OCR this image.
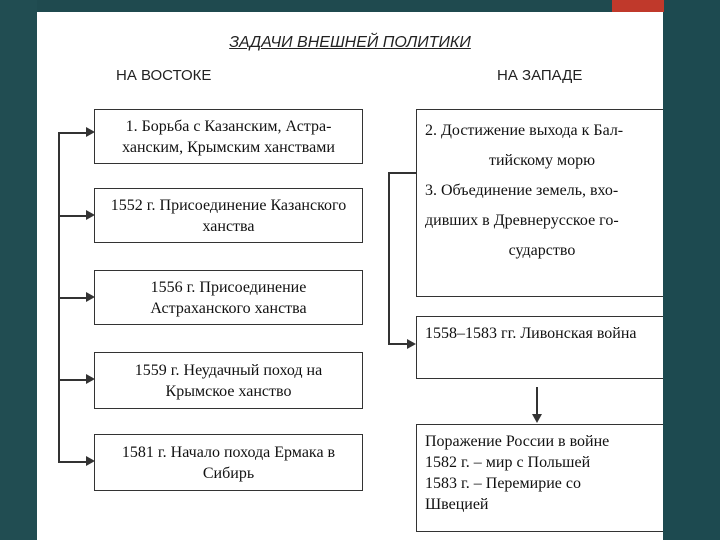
ЗАДАЧИ ВНЕШНЕЙ ПОЛИТИКИ
НА ВОСТОКЕ	НА ЗАПАДЕ

1. Борьба с Казанским, Астра-ханским, Крымским ханствами

1552 г. Присоединение Казанского ханства

1556 г. Присоединение Астраханского ханства

1559 г. Неудачный поход на Крымское ханство

1581 г. Начало похода Ермака в Сибирь

2. Достижение выхода к Бал-

тийскому морю

3. Объединение земель, вхо-

дивших в Древнерусское го-

сударство

1558–1583 гг. Ливонская война

Поражение России в войне

1582 г. – мир с Польшей

1583 г. – Перемирие со

Швецией
